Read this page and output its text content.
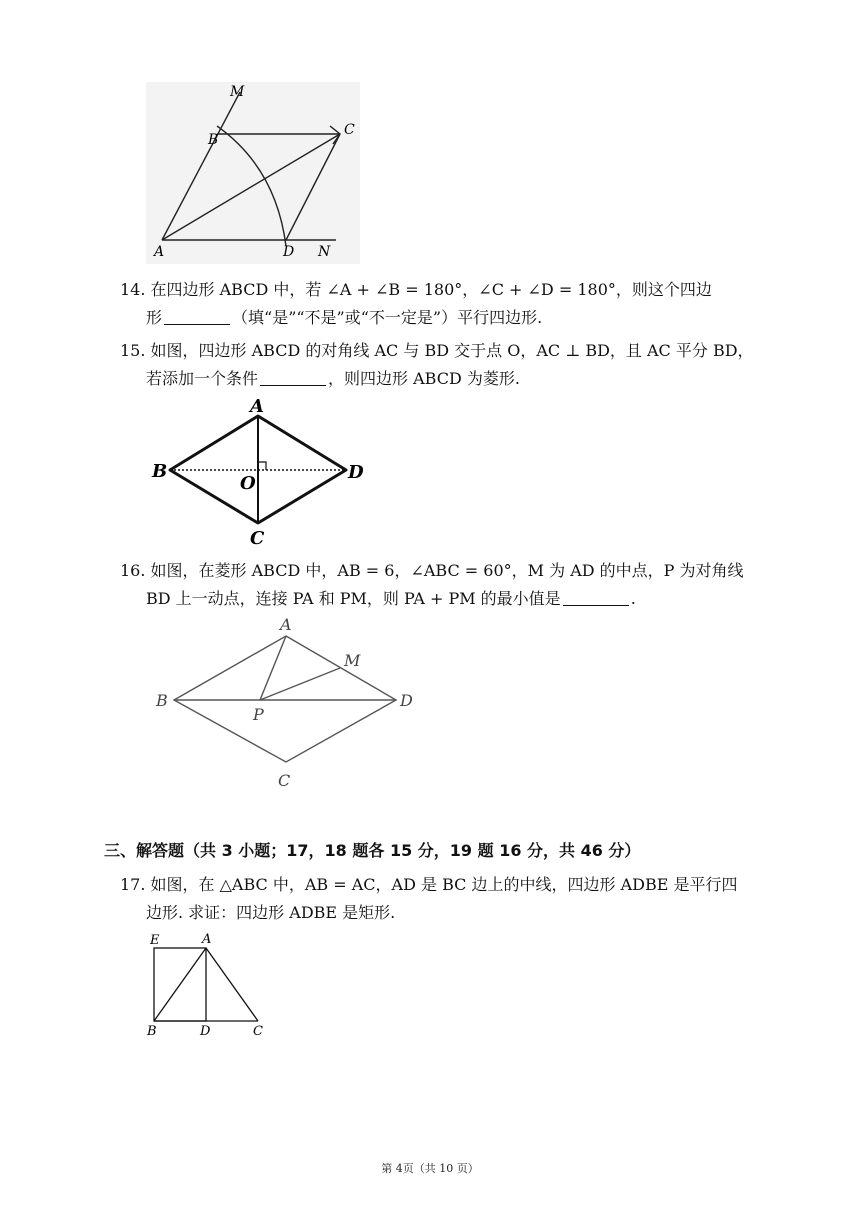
M
B
C
A	D N
14. 在四边形 ABCD 中，若 ∠A + ∠B = 180°，∠C + ∠D = 180°，则这个四边
形	（填“是”“不是”或“不一定是”）平行四边形.
15. 如图，四边形 ABCD 的对角线 AC 与 BD 交于点 O，AC ⊥ BD，且 AC 平分 BD，
若添加一个条件	，则四边形 ABCD 为菱形.
A
B	D
O
C
16. 如图，在菱形 ABCD 中，AB = 6，∠ABC = 60°，M 为 AD 的中点，P 为对角线
BD 上一动点，连接 PA 和 PM，则 PA + PM 的最小值是	.
A
M
B	D
P
C
三、解答题（共 3 小题；17，18 题各 15 分，19 题 16 分，共 46 分）
17. 如图，在 △ABC 中，AB = AC，AD 是 BC 边上的中线，四边形 ADBE 是平行四
边形. 求证：四边形 ADBE 是矩形.
E	A
B	D	C
第 4页（共 10 页）
